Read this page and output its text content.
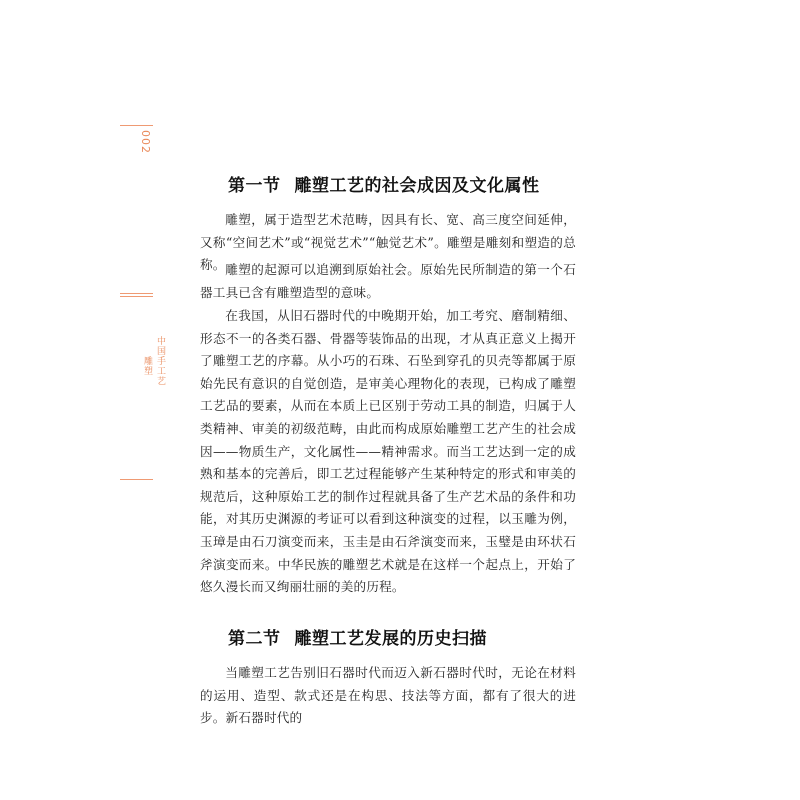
002
中国手工艺
雕塑
第一节 雕塑工艺的社会成因及文化属性

雕塑，属于造型艺术范畴，因具有长、宽、高三度空间延伸，又称“空间艺术”或“视觉艺术”“触觉艺术”。雕塑是雕刻和塑造的总称。 雕塑的起源可以追溯到原始社会。原始先民所制造的第一个石器工具已含有雕塑造型的意味。

在我国，从旧石器时代的中晚期开始，加工考究、磨制精细、形态不一的各类石器、骨器等装饰品的出现，才从真正意义上揭开了雕塑工艺的序幕。从小巧的石珠、石坠到穿孔的贝壳等都属于原始先民有意识的自觉创造，是审美心理物化的表现，已构成了雕塑工艺品的要素，从而在本质上已区别于劳动工具的制造，归属于人类精神、审美的初级范畴，由此而构成原始雕塑工艺产生的社会成因——物质生产，文化属性——精神需求。而当工艺达到一定的成熟和基本的完善后，即工艺过程能够产生某种特定的形式和审美的规范后，这种原始工艺的制作过程就具备了生产艺术品的条件和功能，对其历史渊源的考证可以看到这种演变的过程，以玉雕为例，玉璋是由石刀演变而来，玉圭是由石斧演变而来，玉璧是由环状石斧演变而来。中华民族的雕塑艺术就是在这样一个起点上，开始了悠久漫长而又绚丽壮丽的美的历程。

第二节 雕塑工艺发展的历史扫描

当雕塑工艺告别旧石器时代而迈入新石器时代时，无论在材料的运用、造型、款式还是在构思、技法等方面，都有了很大的进步。新石器时代的
